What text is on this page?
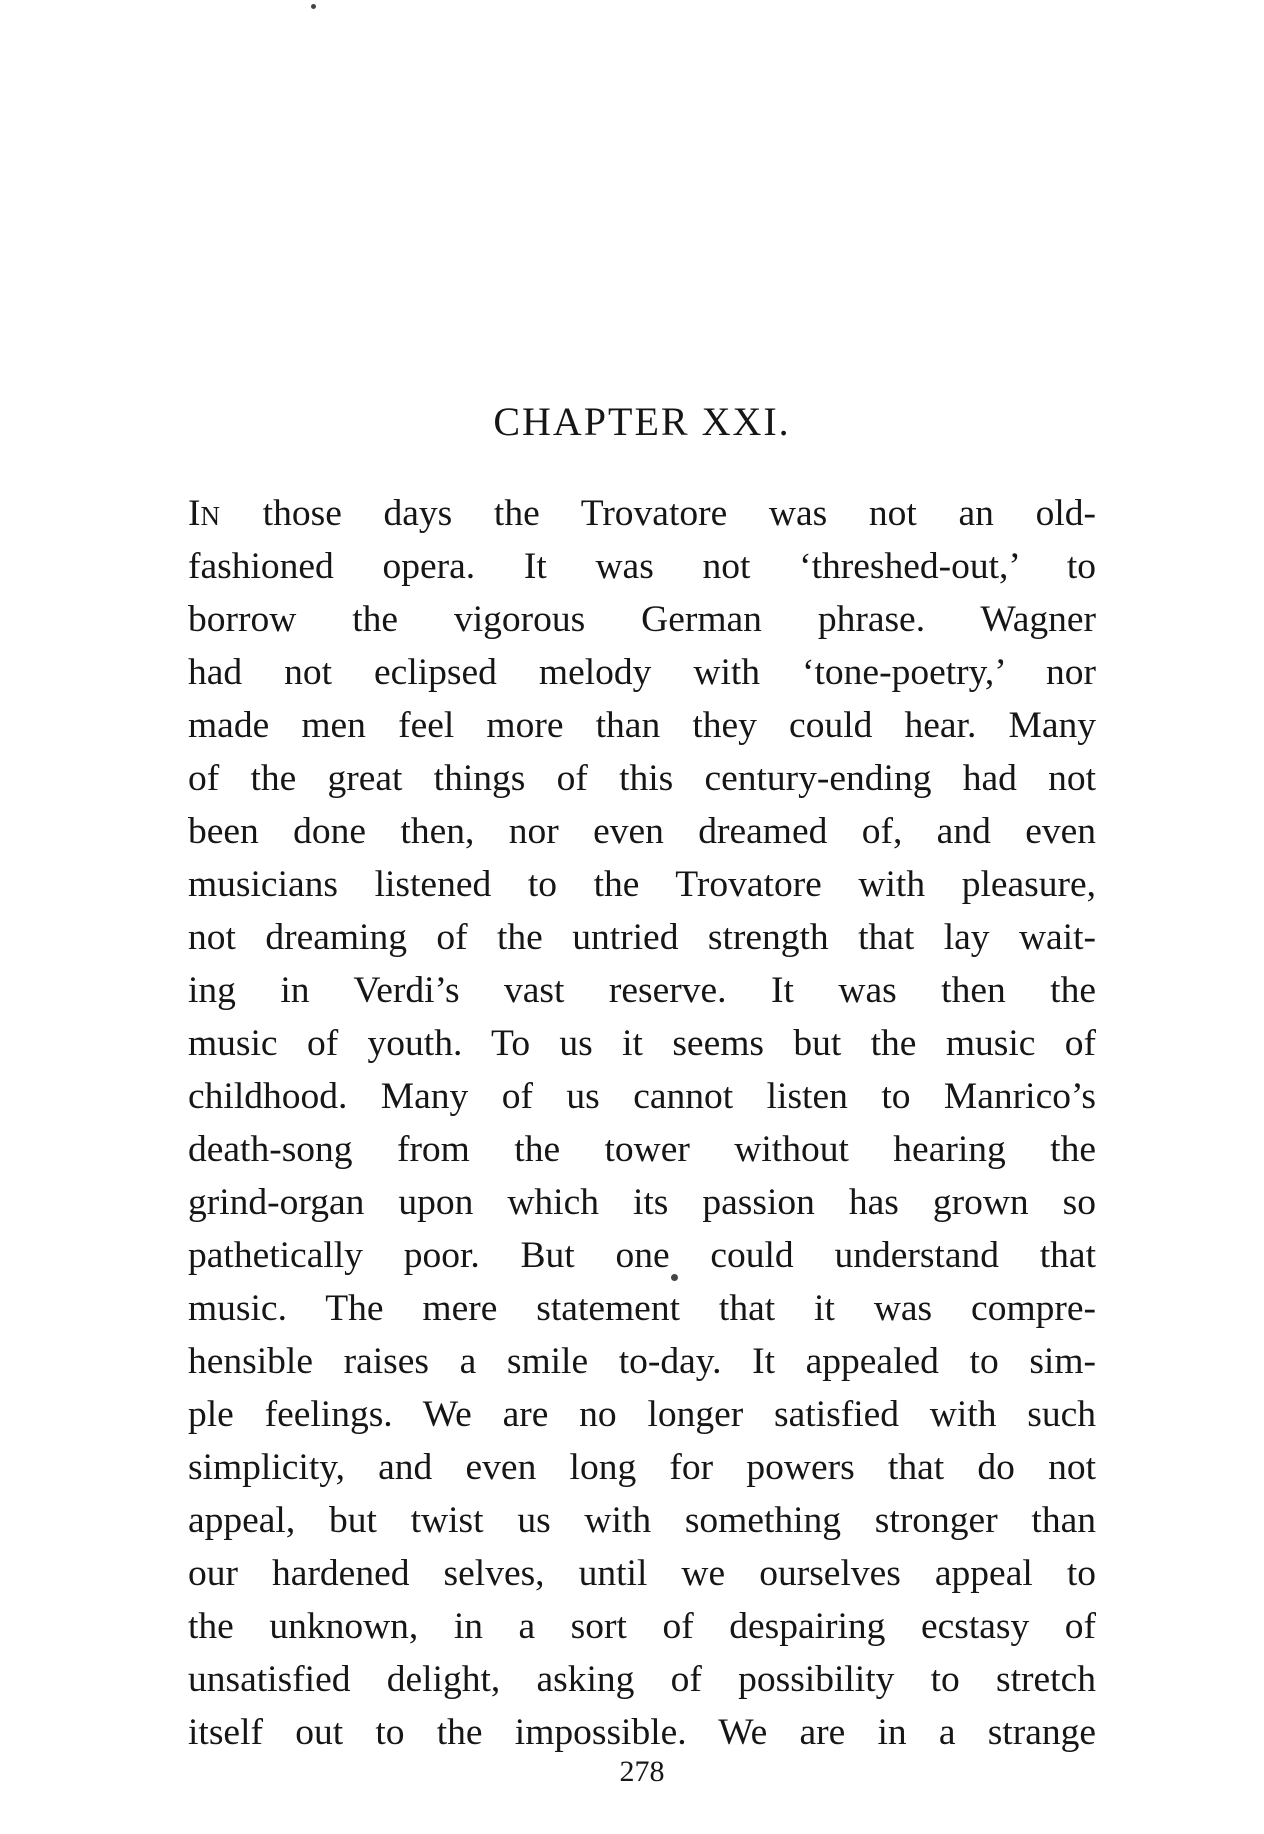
CHAPTER XXI.
IN those days the Trovatore was not an old-
fashioned opera. It was not ‘threshed-out,’ to
borrow the vigorous German phrase. Wagner
had not eclipsed melody with ‘tone-poetry,’ nor
made men feel more than they could hear. Many
of the great things of this century-ending had not
been done then, nor even dreamed of, and even
musicians listened to the Trovatore with pleasure,
not dreaming of the untried strength that lay wait-
ing in Verdi’s vast reserve. It was then the
music of youth. To us it seems but the music of
childhood. Many of us cannot listen to Manrico’s
death-song from the tower without hearing the
grind-organ upon which its passion has grown so
pathetically poor. But one could understand that
music. The mere statement that it was compre-
hensible raises a smile to-day. It appealed to sim-
ple feelings. We are no longer satisfied with such
simplicity, and even long for powers that do not
appeal, but twist us with something stronger than
our hardened selves, until we ourselves appeal to
the unknown, in a sort of despairing ecstasy of
unsatisfied delight, asking of possibility to stretch
itself out to the impossible. We are in a strange
278
